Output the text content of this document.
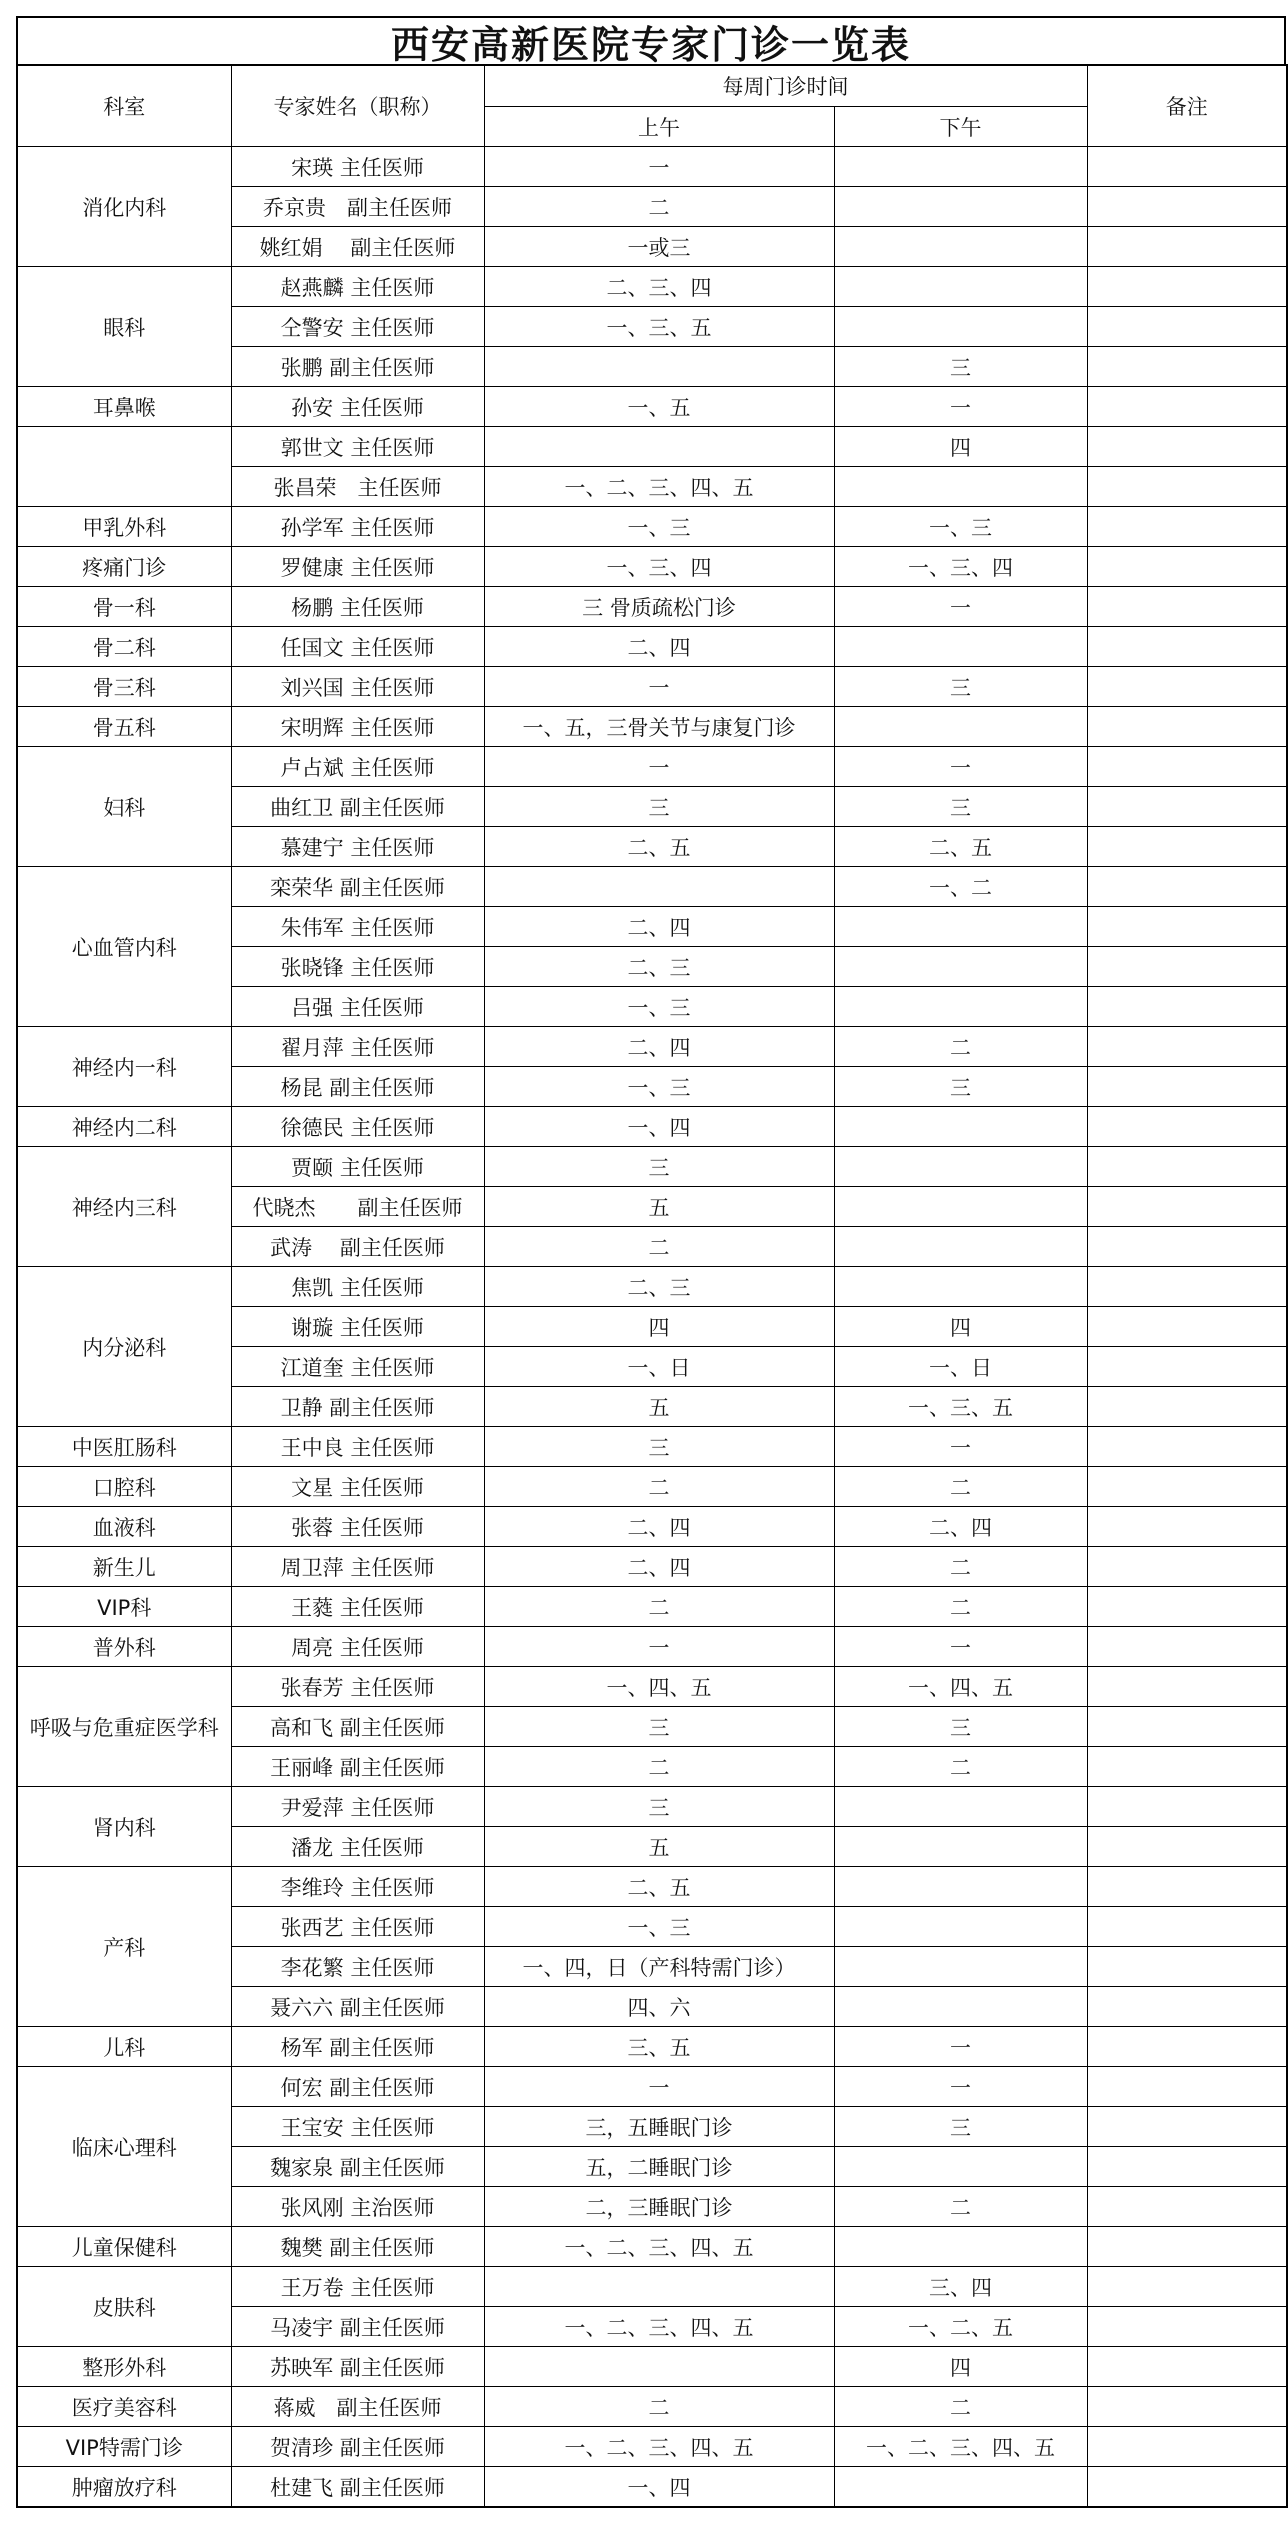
西安高新医院专家门诊一览表
科室	专家姓名（职称）	每周门诊时间		备注
		上午	下午	
消化内科	宋瑛 主任医师	一		
	乔京贵　副主任医师	二		
	姚红娟　 副主任医师	一或三		
眼科	赵燕麟 主任医师	二、三、四		
	仝警安 主任医师	一、三、五		
	张鹏 副主任医师		三	
耳鼻喉	孙安 主任医师	一、五	一	
	郭世文 主任医师		四	
	张昌荣　主任医师	一、二、三、四、五		
甲乳外科	孙学军 主任医师	一、三	一、三	
疼痛门诊	罗健康 主任医师	一、三、四	一、三、四	
骨一科	杨鹏 主任医师	三 骨质疏松门诊	一	
骨二科	任国文 主任医师	二、四		
骨三科	刘兴国 主任医师	一	三	
骨五科	宋明辉 主任医师	一、五，三骨关节与康复门诊		
妇科	卢占斌 主任医师	一	一	
	曲红卫 副主任医师	三	三	
	慕建宁 主任医师	二、五	二、五	
心血管内科	栾荣华 副主任医师		一、二	
	朱伟军 主任医师	二、四		
	张晓锋 主任医师	二、三		
	吕强 主任医师	一、三		
神经内一科	翟月萍 主任医师	二、四	二	
	杨昆 副主任医师	一、三	三	
神经内二科	徐德民 主任医师	一、四		
神经内三科	贾颐 主任医师	三		
	代晓杰　　副主任医师	五		
	武涛　 副主任医师	二		
内分泌科	焦凯 主任医师	二、三		
	谢璇 主任医师	四	四	
	江道奎 主任医师	一、日	一、日	
	卫静 副主任医师	五	一、三、五	
中医肛肠科	王中良 主任医师	三	一	
口腔科	文星 主任医师	二	二	
血液科	张蓉 主任医师	二、四	二、四	
新生儿	周卫萍 主任医师	二、四	二	
VIP科	王蕤 主任医师	二	二	
普外科	周亮 主任医师	一	一	
呼吸与危重症医学科	张春芳 主任医师	一、四、五	一、四、五	
	高和飞 副主任医师	三	三	
	王丽峰 副主任医师	二	二	
肾内科	尹爱萍 主任医师	三		
	潘龙 主任医师	五		
产科	李维玲 主任医师	二、五		
	张西艺 主任医师	一、三		
	李花繁 主任医师	一、四，日（产科特需门诊）		
	聂六六 副主任医师	四、六		
儿科	杨军 副主任医师	三、五	一	
临床心理科	何宏 副主任医师	一	一	
	王宝安 主任医师	三，五睡眠门诊	三	
	魏家泉 副主任医师	五，二睡眠门诊		
	张风刚 主治医师	二，三睡眠门诊	二	
儿童保健科	魏樊 副主任医师	一、二、三、四、五		
皮肤科	王万卷 主任医师		三、四	
	马凌宇 副主任医师	一、二、三、四、五	一、二、五	
整形外科	苏映军 副主任医师		四	
医疗美容科	蒋威　副主任医师	二	二	
VIP特需门诊	贺清珍 副主任医师	一、二、三、四、五	一、二、三、四、五	
肿瘤放疗科	杜建飞 副主任医师	一、四		
